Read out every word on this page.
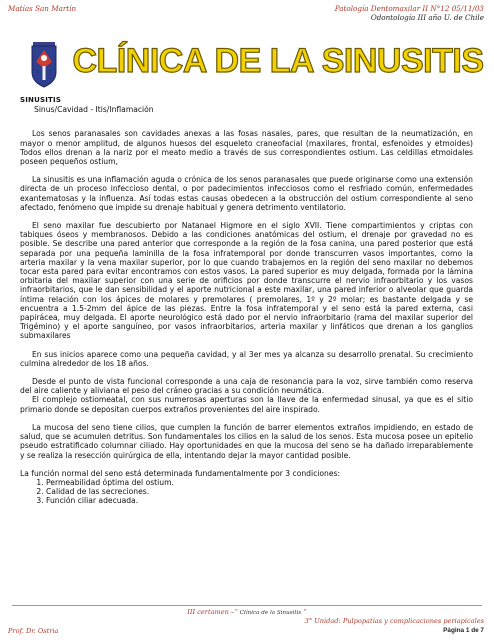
Matías San Martín	Patología Dentomaxilar II N°12 05/11/03
Odontología III año U. de Chile
CLÍNICA DE LA SINUSITIS
SINUSITIS
Sinus/Cavidad - Itis/Inflamación

Los senos paranasales son cavidades anexas a las fosas nasales, pares, que resultan de la neumatización, en mayor o menor amplitud, de algunos huesos del esqueleto craneofacial (maxilares, frontal, esfenoides y etmoides) Todos ellos drenan a la nariz por el meato medio a través de sus correspondientes ostium. Las celdillas etmoidales poseen pequeños ostium,

La sinusitis es una inflamación aguda o crónica de los senos paranasales que puede originarse como una extensión directa de un proceso infeccioso dental, o por padecimientos infecciosos como el resfriado común, enfermedades exantematosas y la influenza. Así todas estas causas obedecen a la obstrucción del ostium correspondiente al seno afectado, fenómeno que impide su drenaje habitual y genera detrimento ventilatorio.

El seno maxilar fue descubierto por Natanael Higmore en el siglo XVII. Tiene compartimientos y criptas con tabiques óseos y membranosos. Debido a las condiciones anatómicas del ostium, el drenaje por gravedad no es posible. Se describe una pared anterior que corresponde a la región de la fosa canina, una pared posterior que está separada por una pequeña laminilla de la fosa infratemporal por donde transcurren vasos importantes, como la arteria maxilar y la vena maxilar superior, por lo que cuando trabajemos en la región del seno maxilar no debemos tocar esta pared para evitar encontramos con estos vasos. La pared superior es muy delgada, formada por la lámina orbitaria del maxilar superior con una serie de orificios por donde transcurre el nervio infraorbitario y los vasos infraorbitarios, que le dan sensibilidad y el aporte nutricional a este maxilar, una pared inferior o alveolar que guarda íntima relación con los ápices de molares y premolares ( premolares, 1º y 2º molar; es bastante delgada y se encuentra a 1.5-2mm del ápice de las piezas. Entre la fosa infratemporal y el seno está la pared externa, casi papirácea, muy delgada. El aporte neurológico está dado por el nervio infraorbitario (rama del maxilar superior del Trigémino) y el aporte sanguíneo, por vasos infraorbitarios, arteria maxilar y linfáticos que drenan a los ganglios submaxilares

En sus inicios aparece como una pequeña cavidad, y al 3er mes ya alcanza su desarrollo prenatal. Su crecimiento culmina alrededor de los 18 años.

Desde el punto de vista funcional corresponde a una caja de resonancia para la voz, sirve también como reserva del aire caliente y aliviana el peso del cráneo gracias a su condición neumática.

El complejo ostiomeatal, con sus numerosas aperturas son la llave de la enfermedad sinusal, ya que es el sitio primario donde se depositan cuerpos extraños provenientes del aire inspirado.

La mucosa del seno tiene cilios, que cumplen la función de barrer elementos extraños impidiendo, en estado de salud, que se acumulen detritus. Son fundamentales los cilios en la salud de los senos. Esta mucosa posee un epitelio pseudo estratificado columnar ciliado. Hay oportunidades en que la mucosa del seno se ha dañado irreparablemente y se realiza la resección quirúrgica de ella, intentando dejar la mayor cantidad posible.

La función normal del seno está determinada fundamentalmente por 3 condiciones:

1. Permeabilidad óptima del ostium.
2. Calidad de las secreciones.
3. Función ciliar adecuada.
III certamen –“ Clínica de la Sinusitis ”
3° Unidad: Pulpopatías y complicaciones periapicales
Prof. Dr. Ostria	Página 1 de 7
